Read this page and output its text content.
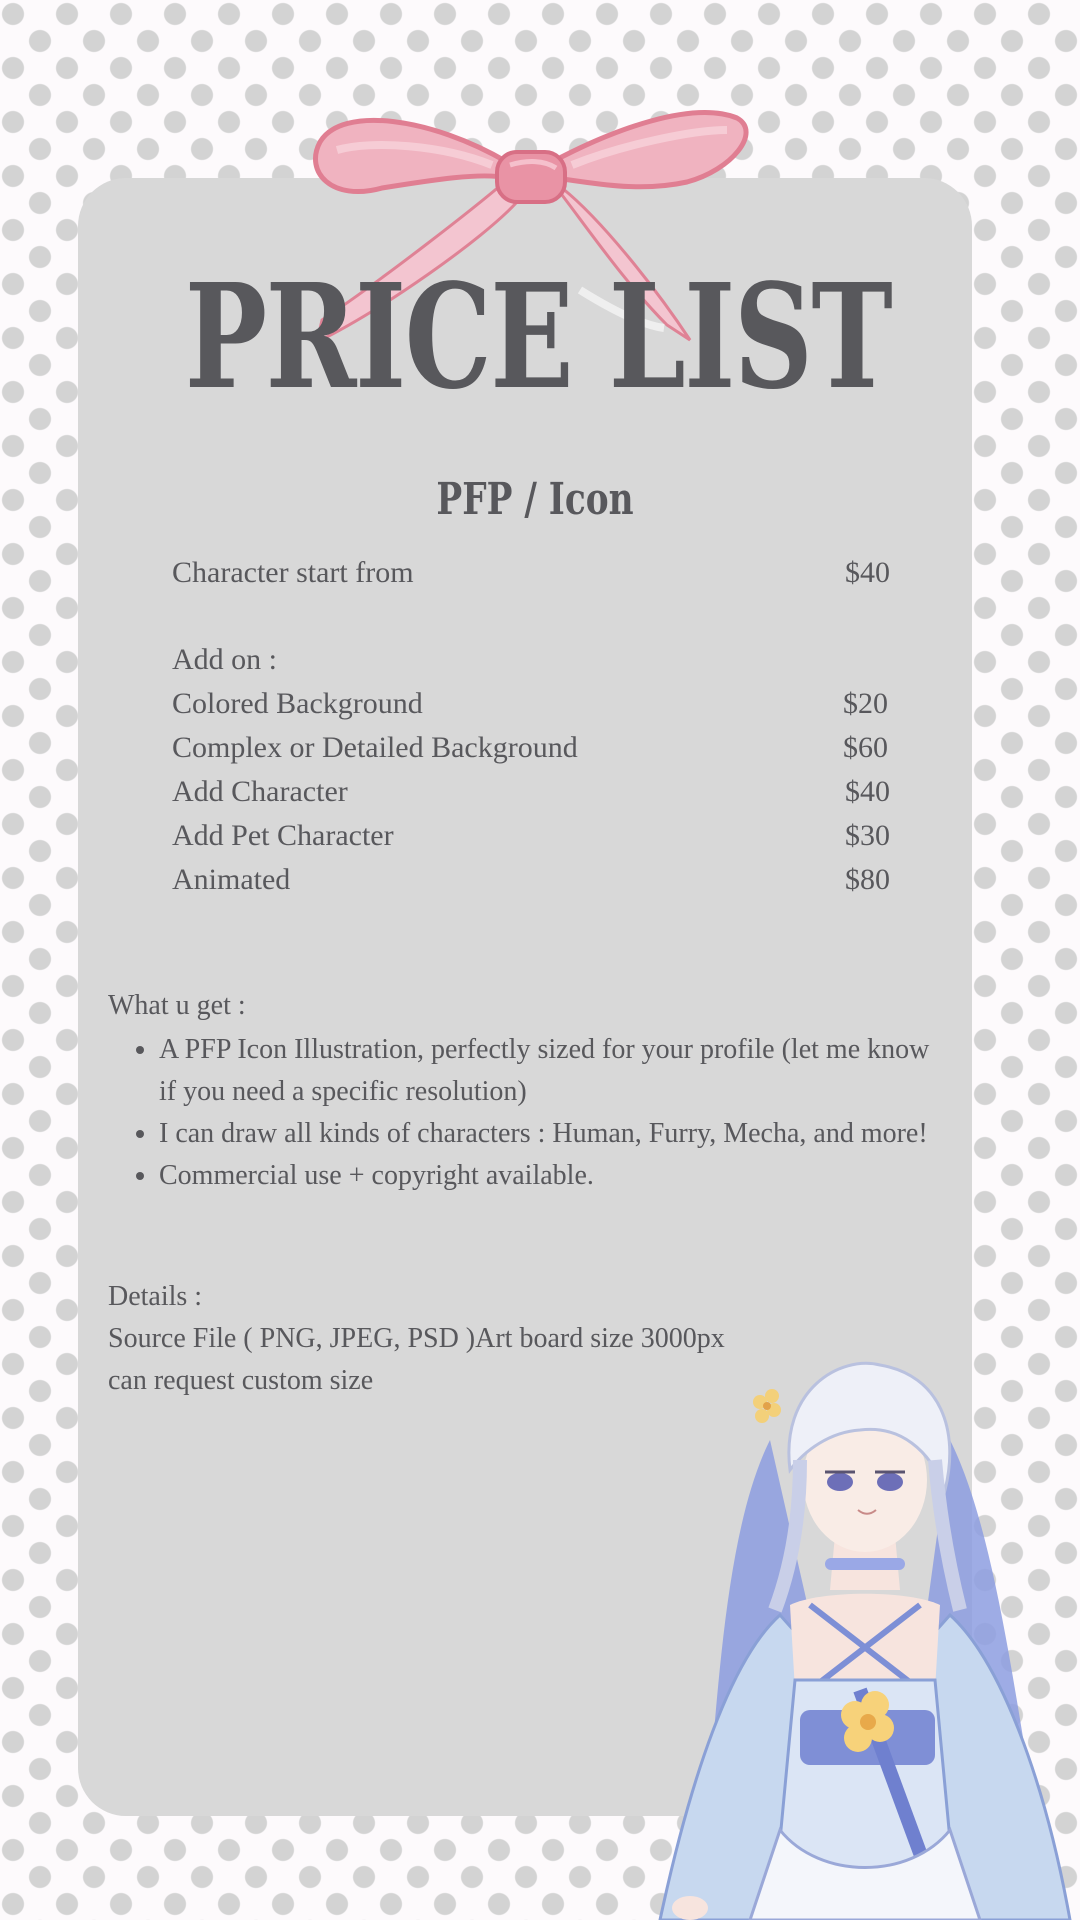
PRICE LIST
PFP / Icon
Character start from	$40
Add on :
Colored Background	$20
Complex or Detailed Background	$60
Add Character	$40
Add Pet Character	$30
Animated	$80
What u get :
• A PFP Icon Illustration, perfectly sized for your profile (let me know if you need a specific resolution)
• I can draw all kinds of characters : Human, Furry, Mecha, and more!
• Commercial use + copyright available.
Details :
Source File ( PNG, JPEG, PSD )Art board size 3000px
can request custom size
